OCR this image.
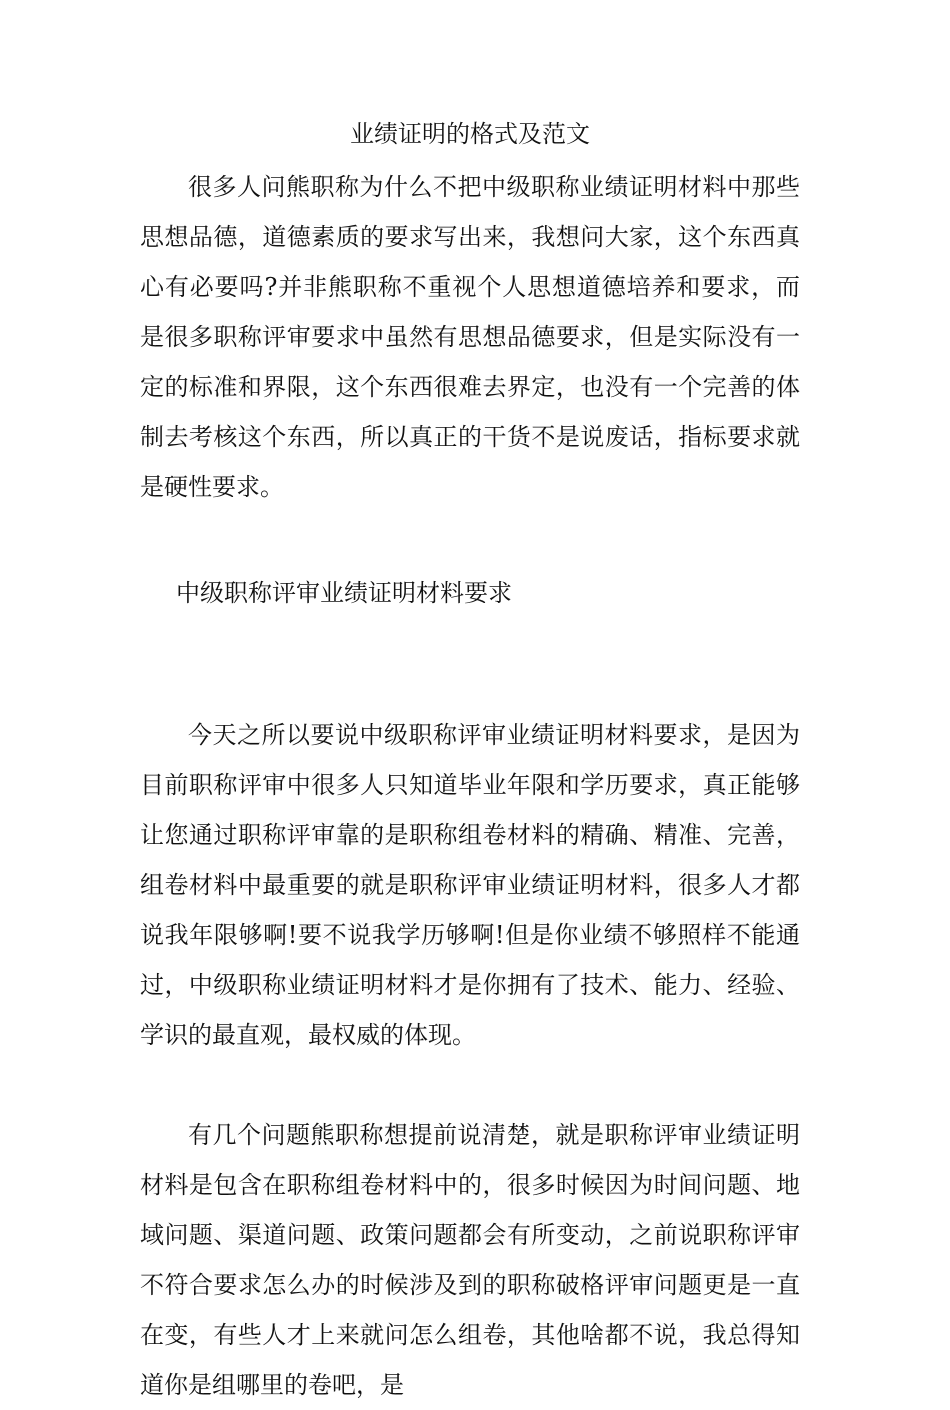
业绩证明的格式及范文

很多人问熊职称为什么不把中级职称业绩证明材料中那些思想品德，道德素质的要求写出来，我想问大家，这个东西真心有必要吗?并非熊职称不重视个人思想道德培养和要求，而是很多职称评审要求中虽然有思想品德要求，但是实际没有一定的标准和界限，这个东西很难去界定，也没有一个完善的体制去考核这个东西，所以真正的干货不是说废话，指标要求就是硬性要求。

中级职称评审业绩证明材料要求

今天之所以要说中级职称评审业绩证明材料要求，是因为目前职称评审中很多人只知道毕业年限和学历要求，真正能够让您通过职称评审靠的是职称组卷材料的精确、精准、完善，组卷材料中最重要的就是职称评审业绩证明材料，很多人才都说我年限够啊!要不说我学历够啊!但是你业绩不够照样不能通过，中级职称业绩证明材料才是你拥有了技术、能力、经验、学识的最直观，最权威的体现。

有几个问题熊职称想提前说清楚，就是职称评审业绩证明材料是包含在职称组卷材料中的，很多时候因为时间问题、地域问题、渠道问题、政策问题都会有所变动，之前说职称评审不符合要求怎么办的时候涉及到的职称破格评审问题更是一直在变，有些人才上来就问怎么组卷，其他啥都不说，我总得知道你是组哪里的卷吧，是
